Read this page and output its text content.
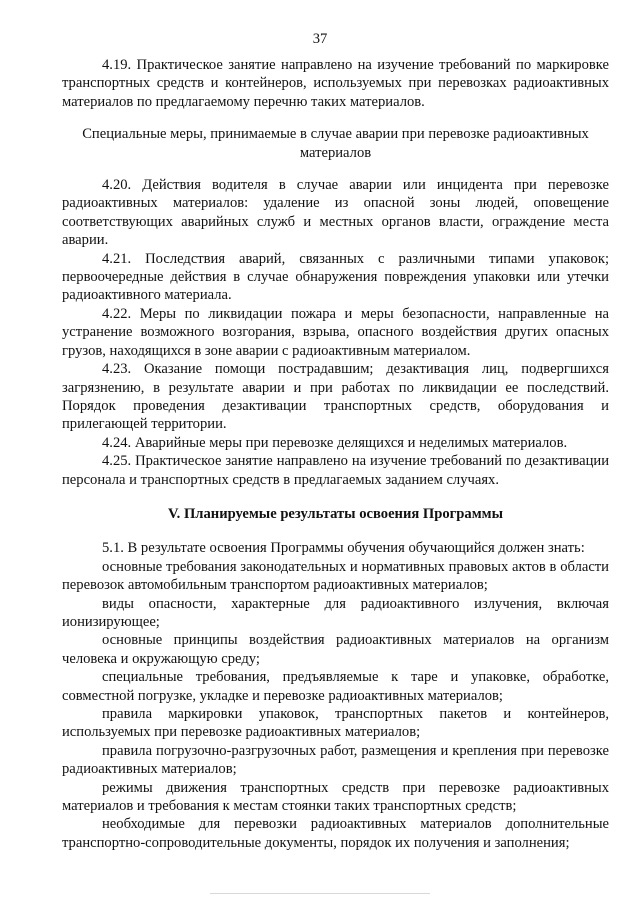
37

4.19. Практическое занятие направлено на изучение требований по маркировке транспортных средств и контейнеров, используемых при перевозках радиоактивных материалов по предлагаемому перечню таких материалов.

Специальные меры, принимаемые в случае аварии при перевозке радиоактивных материалов

4.20. Действия водителя в случае аварии или инцидента при перевозке радиоактивных материалов: удаление из опасной зоны людей, оповещение соответствующих аварийных служб и местных органов власти, ограждение места аварии.

4.21. Последствия аварий, связанных с различными типами упаковок; первоочередные действия в случае обнаружения повреждения упаковки или утечки радиоактивного материала.

4.22. Меры по ликвидации пожара и меры безопасности, направленные на устранение возможного возгорания, взрыва, опасного воздействия других опасных грузов, находящихся в зоне аварии с радиоактивным материалом.

4.23. Оказание помощи пострадавшим; дезактивация лиц, подвергшихся загрязнению, в результате аварии и при работах по ликвидации ее последствий. Порядок проведения дезактивации транспортных средств, оборудования и прилегающей территории.

4.24. Аварийные меры при перевозке делящихся и неделимых материалов.

4.25. Практическое занятие направлено на изучение требований по дезактивации персонала и транспортных средств в предлагаемых заданием случаях.

V. Планируемые результаты освоения Программы

5.1. В результате освоения Программы обучения обучающийся должен знать:

основные требования законодательных и нормативных правовых актов в области перевозок автомобильным транспортом радиоактивных материалов;

виды опасности, характерные для радиоактивного излучения, включая ионизирующее;

основные принципы воздействия радиоактивных материалов на организм человека и окружающую среду;

специальные требования, предъявляемые к таре и упаковке, обработке, совместной погрузке, укладке и перевозке радиоактивных материалов;

правила маркировки упаковок, транспортных пакетов и контейнеров, используемых при перевозке радиоактивных материалов;

правила погрузочно-разгрузочных работ, размещения и крепления при перевозке радиоактивных материалов;

режимы движения транспортных средств при перевозке радиоактивных материалов и требования к местам стоянки таких транспортных средств;

необходимые для перевозки радиоактивных материалов дополнительные транспортно-сопроводительные документы, порядок их получения и заполнения;
